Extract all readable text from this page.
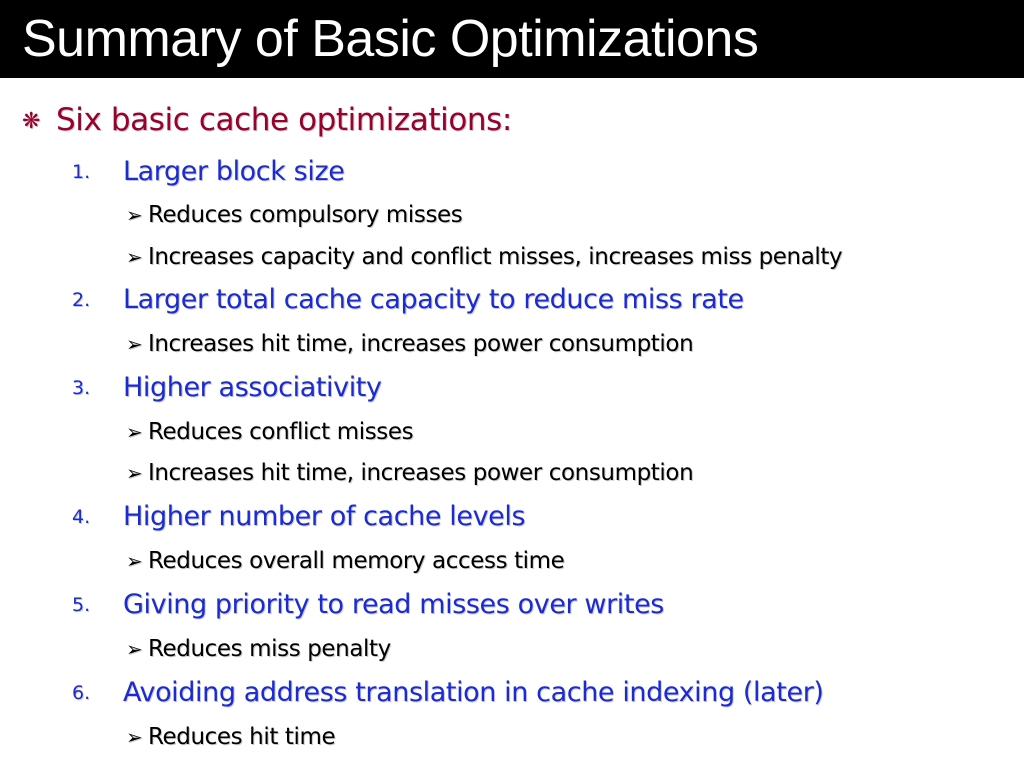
Summary of Basic Optimizations
❋ Six basic cache optimizations:
1. Larger block size
➢ Reduces compulsory misses
➢ Increases capacity and conflict misses, increases miss penalty
2. Larger total cache capacity to reduce miss rate
➢ Increases hit time, increases power consumption
3. Higher associativity
➢ Reduces conflict misses
➢ Increases hit time, increases power consumption
4. Higher number of cache levels
➢ Reduces overall memory access time
5. Giving priority to read misses over writes
➢ Reduces miss penalty
6. Avoiding address translation in cache indexing (later)
➢ Reduces hit time
